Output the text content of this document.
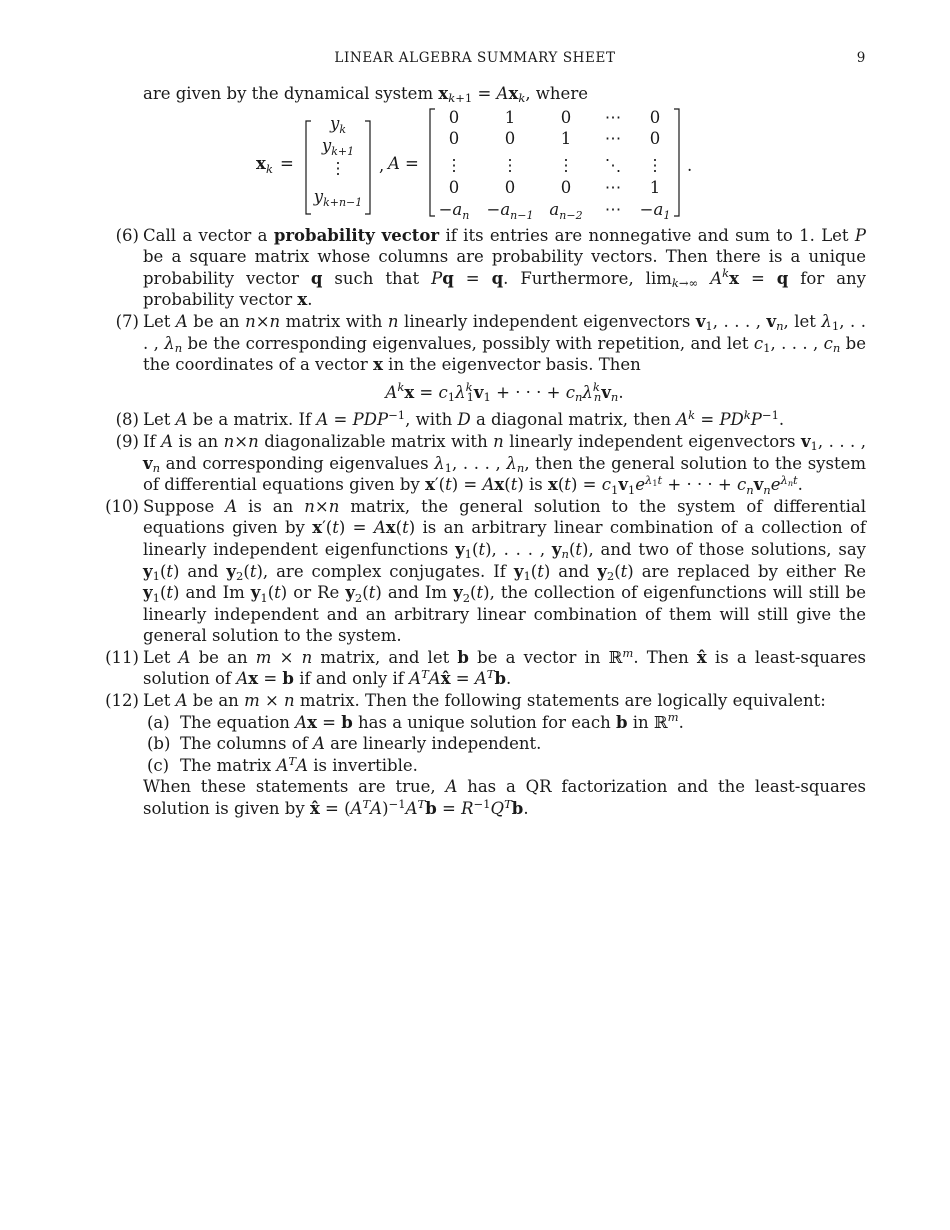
LINEAR ALGEBRA SUMMARY SHEET	9
are given by the dynamical system $x_{k+1} = Ax_k$, where
x k =
$y_k$
$y_{k+1}$
⋮
$y_{k+n-1}$
, A =
0	1	0 ⋯ 0
0	0	1 ⋯ 0
⋮ ⋮ ⋮ ⋱ ⋮
0	0	0 ⋯ 1
$-a_n -a_{n-1}$ $a_{n-2}$ ⋯ $-a_1$
.
(6) Call a vector a probability vector if its entries are nonnegative and sum to 1. Let P be a square matrix whose columns are probability vectors. Then there is a unique probability vector q such that Pq = q. Furthermore, $\lim_{k\to\infty} A^kx = q$ for any probability vector x.
(7) Let A be an n×n matrix with n linearly independent eigenvectors $v_1$, . . . , $v_n$, let $\lambda_1$, . . . , $\lambda_n$ be the corresponding eigenvalues, possibly with repetition, and let $c_1$, . . . , $c_n$ be the coordinates of a vector x in the eigenvector basis. Then
$A^kx = c_1\lambda^k_1v_1$ + · · · + $c_n\lambda^k_nv_n$.
(8) Let A be a matrix. If $A = PDP^{-1}$, with D a diagonal matrix, then $A^k = PD^kP^{-1}$.
(9) If A is an n×n diagonalizable matrix with n linearly independent eigenvectors $v_1$, . . . , $v_n$ and corresponding eigenvalues $\lambda_1$, . . . , $\lambda_n$, then the general solution to the system of differential equations given by x′(t) = Ax(t) is $x(t) = c_1v_1e^{\lambda_1t}$ + · · · + $c_nv_ne^{\lambda_nt}$.
(10) Suppose A is an n×n matrix, the general solution to the system of differential equations given by x′(t) = Ax(t) is an arbitrary linear combination of a collection of linearly independent eigenfunctions $y_1(t)$, . . . , $y_n(t)$, and two of those solutions, say $y_1(t)$ and $y_2(t)$, are complex conjugates. If $y_1(t)$ and $y_2(t)$ are replaced by either Re $y_1(t)$ and Im $y_1(t)$ or Re $y_2(t)$ and Im $y_2(t)$, the collection of eigenfunctions will still be linearly independent and an arbitrary linear combination of them will still give the general solution to the system.
(11) Let A be an m × n matrix, and let b be a vector in ℝ$^m$. Then x̂ is a least-squares solution of Ax = b if and only if $A^TAx̂ = A^Tb$.
(12) Let A be an m × n matrix. Then the following statements are logically equivalent:
(a) The equation Ax = b has a unique solution for each b in ℝ$^m$.
(b) The columns of A are linearly independent.
(c) The matrix $A^TA$ is invertible.
When these statements are true, A has a QR factorization and the least-squares solution is given by x̂ = $(A^TA)^{-1}A^Tb = R^{-1}Q^Tb$.
